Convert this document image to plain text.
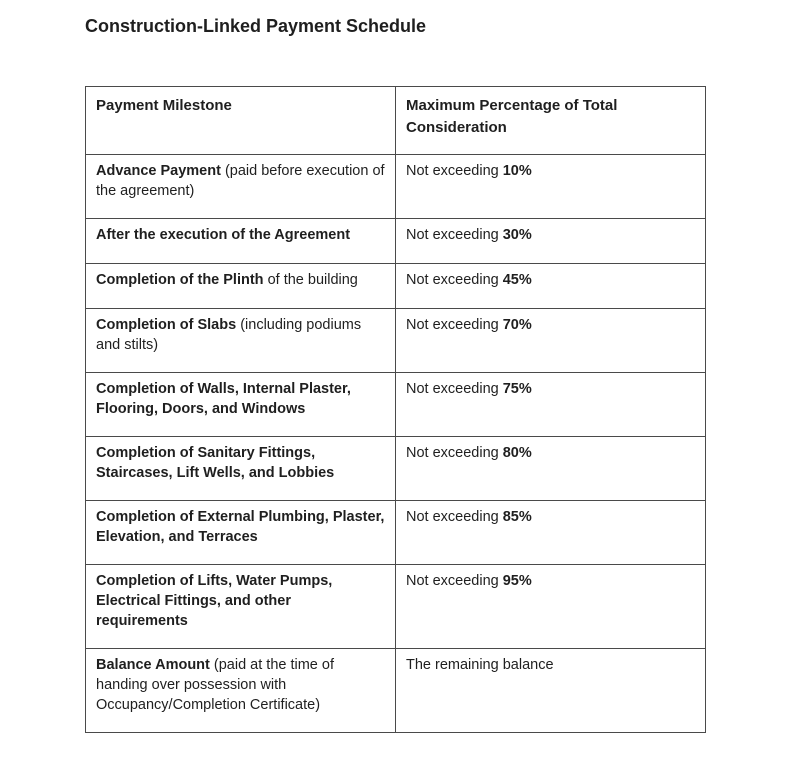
Construction-Linked Payment Schedule
Payment Milestone	Maximum Percentage of Total Consideration
Advance Payment (paid before execution of the agreement)	Not exceeding 10%
After the execution of the Agreement	Not exceeding 30%
Completion of the Plinth of the building	Not exceeding 45%
Completion of Slabs (including podiums and stilts)	Not exceeding 70%
Completion of Walls, Internal Plaster, Flooring, Doors, and Windows	Not exceeding 75%
Completion of Sanitary Fittings, Staircases, Lift Wells, and Lobbies	Not exceeding 80%
Completion of External Plumbing, Plaster, Elevation, and Terraces	Not exceeding 85%
Completion of Lifts, Water Pumps, Electrical Fittings, and other requirements	Not exceeding 95%
Balance Amount (paid at the time of handing over possession with Occupancy/Completion Certificate)	The remaining balance
